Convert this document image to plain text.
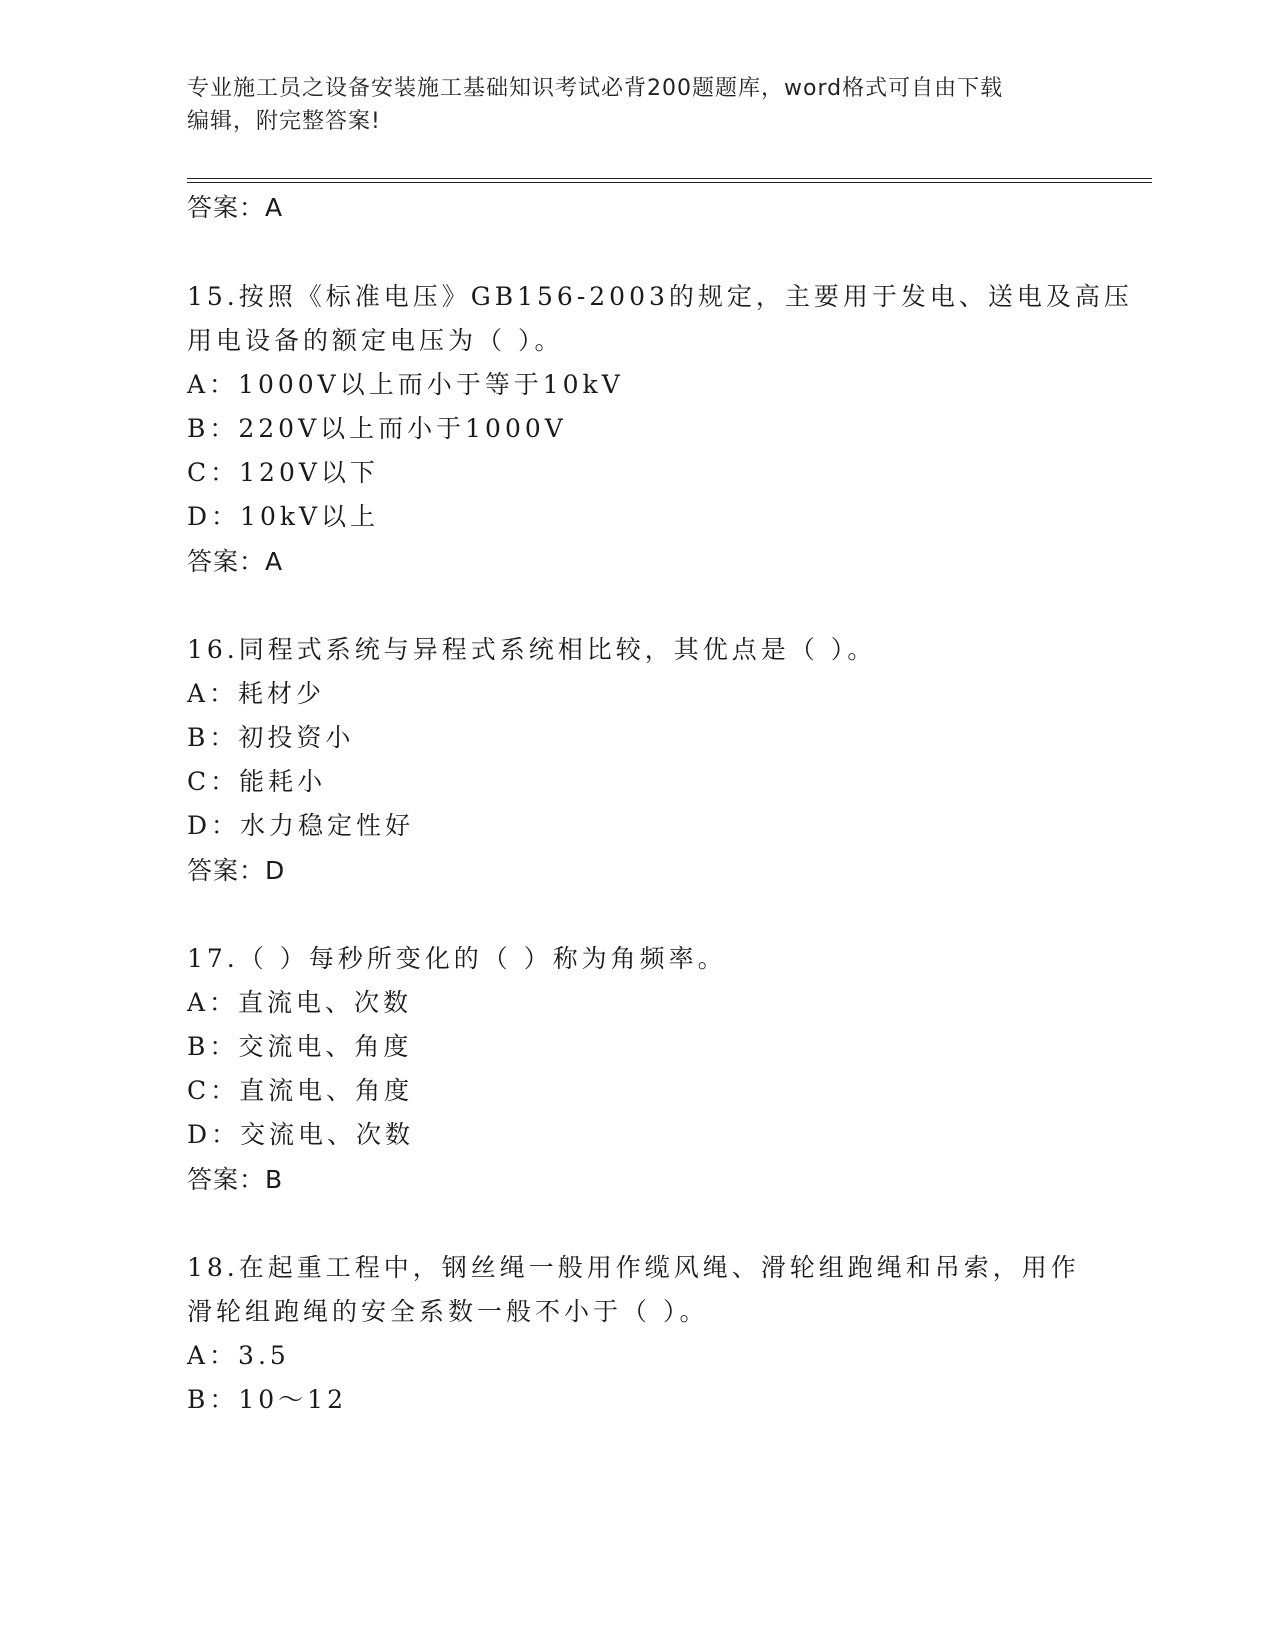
专业施工员之设备安装施工基础知识考试必背200题题库，word格式可自由下载
编辑，附完整答案!
答案：A
15.按照《标准电压》GB156-2003的规定，主要用于发电、送电及高压
用电设备的额定电压为（ ）。
A：1000V以上而小于等于10kV
B：220V以上而小于1000V
C：120V以下
D：10kV以上
答案：A
16.同程式系统与异程式系统相比较，其优点是（ ）。
A：耗材少
B：初投资小
C：能耗小
D：水力稳定性好
答案：D
17.（ ）每秒所变化的（ ）称为角频率。
A：直流电、次数
B：交流电、角度
C：直流电、角度
D：交流电、次数
答案：B
18.在起重工程中，钢丝绳一般用作缆风绳、滑轮组跑绳和吊索，用作
滑轮组跑绳的安全系数一般不小于（ ）。
A：3.5
B：10～12
